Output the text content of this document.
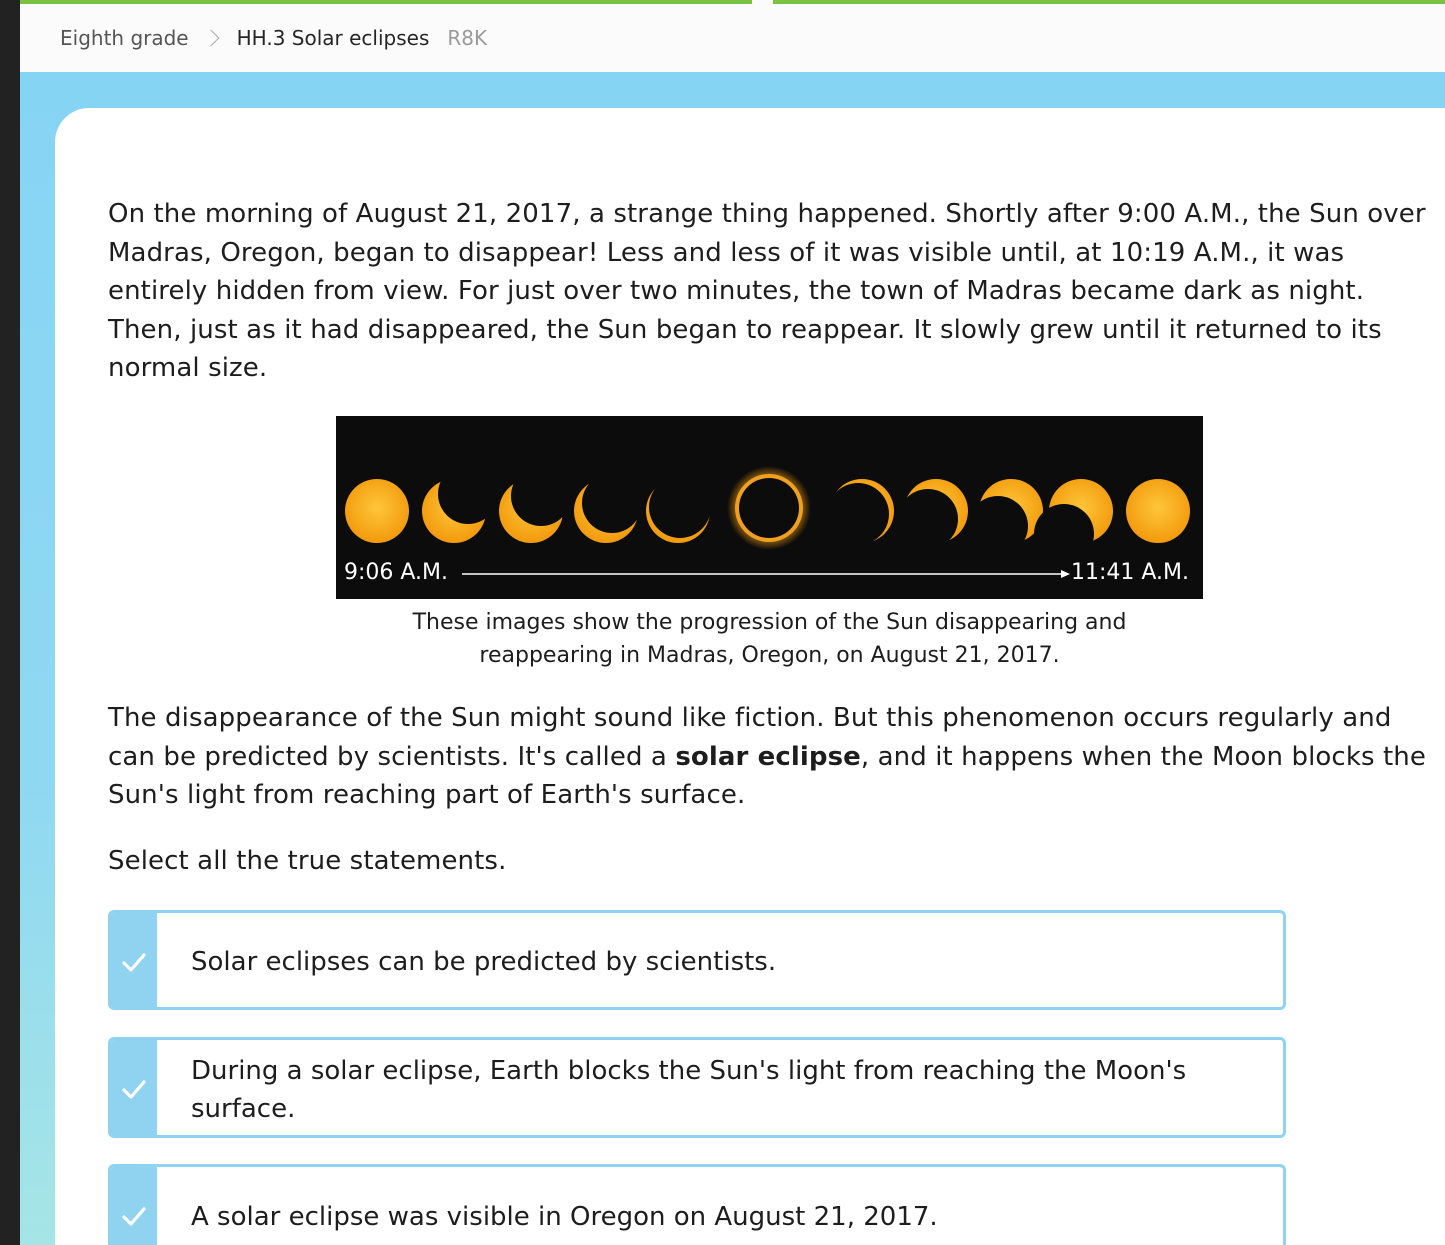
Eighth grade HH.3 Solar eclipses R8K

On the morning of August 21, 2017, a strange thing happened. Shortly after 9:00 A.M., the Sun over Madras, Oregon, began to disappear! Less and less of it was visible until, at 10:19 A.M., it was entirely hidden from view. For just over two minutes, the town of Madras became dark as night. Then, just as it had disappeared, the Sun began to reappear. It slowly grew until it returned to its normal size.

9:06 A.M.	11:41 A.M.
These images show the progression of the Sun disappearing and
reappearing in Madras, Oregon, on August 21, 2017.

The disappearance of the Sun might sound like fiction. But this phenomenon occurs regularly and can be predicted by scientists. It's called a solar eclipse, and it happens when the Moon blocks the Sun's light from reaching part of Earth's surface.

Select all the true statements.

Solar eclipses can be predicted by scientists.
During a solar eclipse, Earth blocks the Sun's light from reaching the Moon's surface.
A solar eclipse was visible in Oregon on August 21, 2017.
